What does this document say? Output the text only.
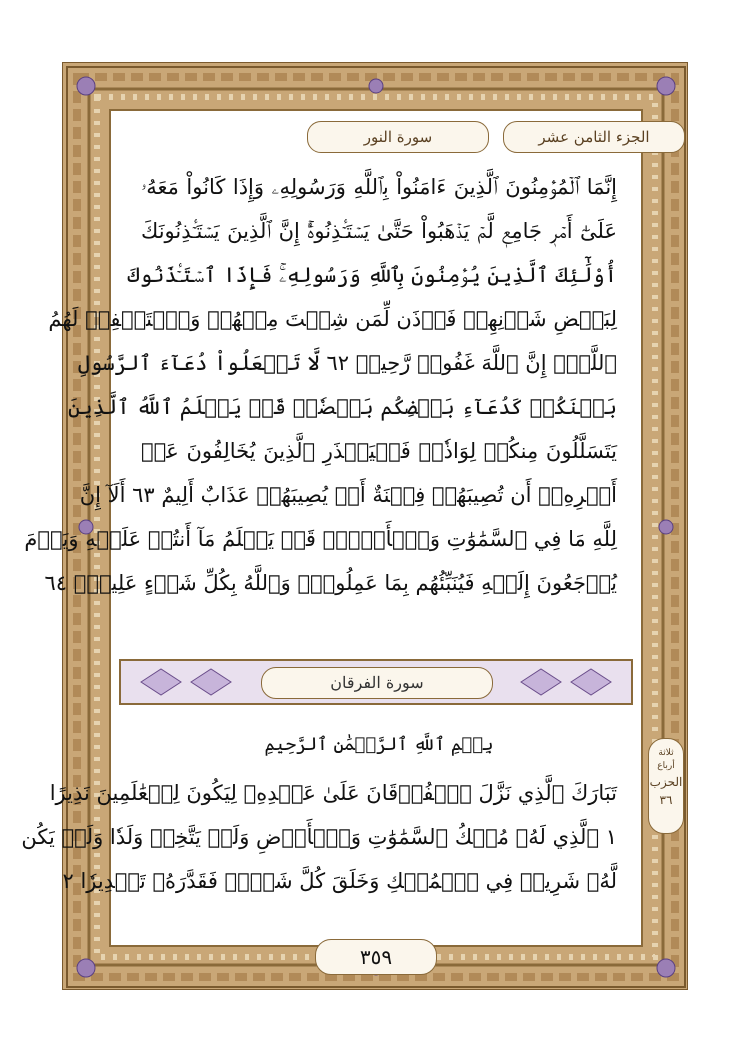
الجزء الثامن عشر
سورة النور
إِنَّمَا ٱلۡمُؤۡمِنُونَ ٱلَّذِينَ ءَامَنُواْ بِٱللَّهِ وَرَسُولِهِۦ وَإِذَا كَانُواْ مَعَهُۥ
عَلَىٰٓ أَمۡرٖ جَامِعٖ لَّمۡ يَذۡهَبُواْ حَتَّىٰ يَسۡتَـٔۡذِنُوهُۚ إِنَّ ٱلَّذِينَ يَسۡتَـٔۡذِنُونَكَ
أُوْلَٰٓئِكَ ٱلَّذِينَ يُؤۡمِنُونَ بِٱللَّهِ وَرَسُولِهِۦۚ فَإِذَا ٱسۡتَـٔۡذَنُوكَ
لِبَعۡضِ شَأۡنِهِمۡ فَأۡذَن لِّمَن شِئۡتَ مِنۡهُمۡ وَٱسۡتَغۡفِرۡ لَهُمُ
ٱللَّهَۚ إِنَّ ٱللَّهَ غَفُورٞ رَّحِيمٞ ٦٢ لَّا تَجۡعَلُواْ دُعَآءَ ٱلرَّسُولِ
بَيۡنَكُمۡ كَدُعَآءِ بَعۡضِكُم بَعۡضٗاۚ قَدۡ يَعۡلَمُ ٱللَّهُ ٱلَّذِينَ
يَتَسَلَّلُونَ مِنكُمۡ لِوَاذٗاۚ فَلۡيَحۡذَرِ ٱلَّذِينَ يُخَالِفُونَ عَنۡ
أَمۡرِهِۦٓ أَن تُصِيبَهُمۡ فِتۡنَةٌ أَوۡ يُصِيبَهُمۡ عَذَابٌ أَلِيمٌ ٦٣ أَلَآ إِنَّ
لِلَّهِ مَا فِي ٱلسَّمَٰوَٰتِ وَٱلۡأَرۡضِۖ قَدۡ يَعۡلَمُ مَآ أَنتُمۡ عَلَيۡهِ وَيَوۡمَ
يُرۡجَعُونَ إِلَيۡهِ فَيُنَبِّئُهُم بِمَا عَمِلُواْۗ وَٱللَّهُ بِكُلِّ شَيۡءٍ عَلِيمُۢ ٦٤
سورة الفرقان
بِسۡمِ ٱللَّهِ ٱلرَّحۡمَٰنِ ٱلرَّحِيمِ
تَبَارَكَ ٱلَّذِي نَزَّلَ ٱلۡفُرۡقَانَ عَلَىٰ عَبۡدِهِۦ لِيَكُونَ لِلۡعَٰلَمِينَ نَذِيرًا
١ ٱلَّذِي لَهُۥ مُلۡكُ ٱلسَّمَٰوَٰتِ وَٱلۡأَرۡضِ وَلَمۡ يَتَّخِذۡ وَلَدٗا وَلَمۡ يَكُن
لَّهُۥ شَرِيكٞ فِي ٱلۡمُلۡكِ وَخَلَقَ كُلَّ شَيۡءٖ فَقَدَّرَهُۥ تَقۡدِيرٗا ٢
٣٥٩
ثلاثة أرباع
الحزب
٣٦
